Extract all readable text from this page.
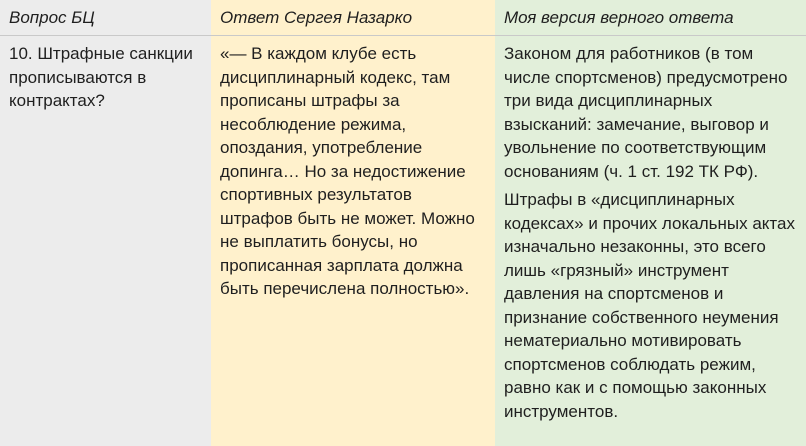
Вопрос БЦ	Ответ Сергея Назарко	Моя версия верного ответа

10. Штрафные санкции прописываются в контрактах?

«— В каждом клубе есть дисциплинарный кодекс, там прописаны штрафы за несоблюдение режима, опоздания, употребление допинга… Но за недостижение спортивных результатов штрафов быть не может. Можно не выплатить бонусы, но прописанная зарплата должна быть перечислена полностью».

Законом для работников (в том числе спортсменов) предусмотрено три вида дисциплинарных взысканий: замечание, выговор и увольнение по соответствующим основаниям (ч. 1 ст. 192 ТК РФ).

Штрафы в «дисциплинарных кодексах» и прочих локальных актах изначально незаконны, это всего лишь «грязный» инструмент давления на спортсменов и признание собственного неумения нематериально мотивировать спортсменов соблюдать режим, равно как и с помощью законных инструментов.
